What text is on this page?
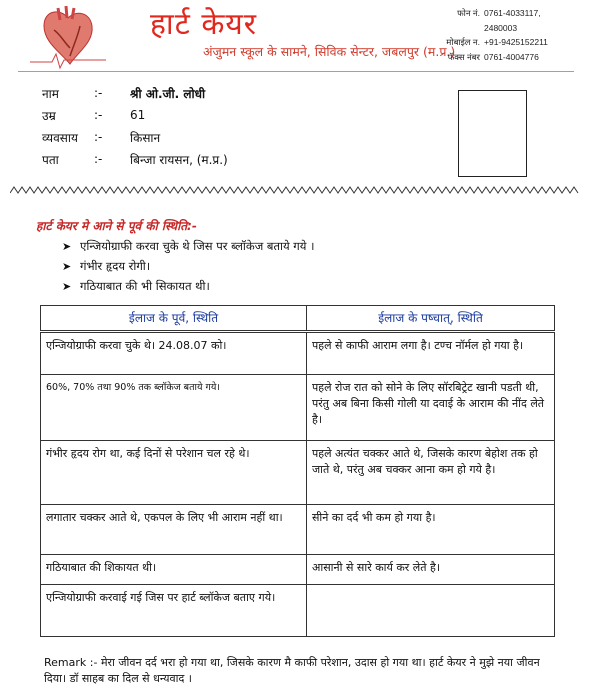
हार्ट केयर
अंजुमन स्कूल के सामने, सिविक सेन्टर, जबलपुर (म.प्र.)
फोन नं. 0761-4033117, 2480003
मोबाईल न. +91-9425152211
फॅक्स नंबर 0761-4004776
नाम	:-	श्री ओ.जी. लोधी
उम्र	:-	61
व्यवसाय	:-	किसान
पता	:-	बिन्जा रायसन, (म.प्र.)
हार्ट केयर मे आने से पूर्व की स्थिति:-
➤ एन्जियोग्राफी करवा चुके थे जिस पर ब्लॉकेज बताये गये ।
➤ गंभीर हृदय रोगी।
➤ गठियाबात की भी सिकायत थी।
ईलाज के पूर्व, स्थिति	ईलाज के पष्चात्, स्थिति
एन्जियोग्राफी करवा चुके थे। 24.08.07 को।	पहले से काफी आराम लगा है। टण्च नॉर्मल हो गया है।
60%, 70% तथा 90% तक ब्लॉकेज बताये गये।	पहले रोज रात को सोने के लिए सॉरबिट्रेट खानी पडती थी, परंतु अब बिना किसी गोली या दवाई के आराम की नींद लेते है।
गंभीर हृदय रोग था, कई दिनों से परेशान चल रहे थे।	पहले अत्यंत चक्कर आते थे, जिसके कारण बेहोश तक हो जाते थे, परंतु अब चक्कर आना कम हो गये है।
लगातार चक्कर आते थे, एकपल के लिए भी आराम नहीं था।	सीने का दर्द भी कम हो गया है।
गठियाबात की शिकायत थी।	आसानी से सारे कार्य कर लेते है।
एन्जियोग्राफी करवाई गई जिस पर हार्ट ब्लॉकेज बताए गये।	
Remark :- मेरा जीवन दर्द भरा हो गया था, जिसके कारण मै काफी परेशान, उदास हो गया था। हार्ट केयर ने मुझे नया जीवन दिया। डॉ साहब का दिल से धन्यवाद ।
